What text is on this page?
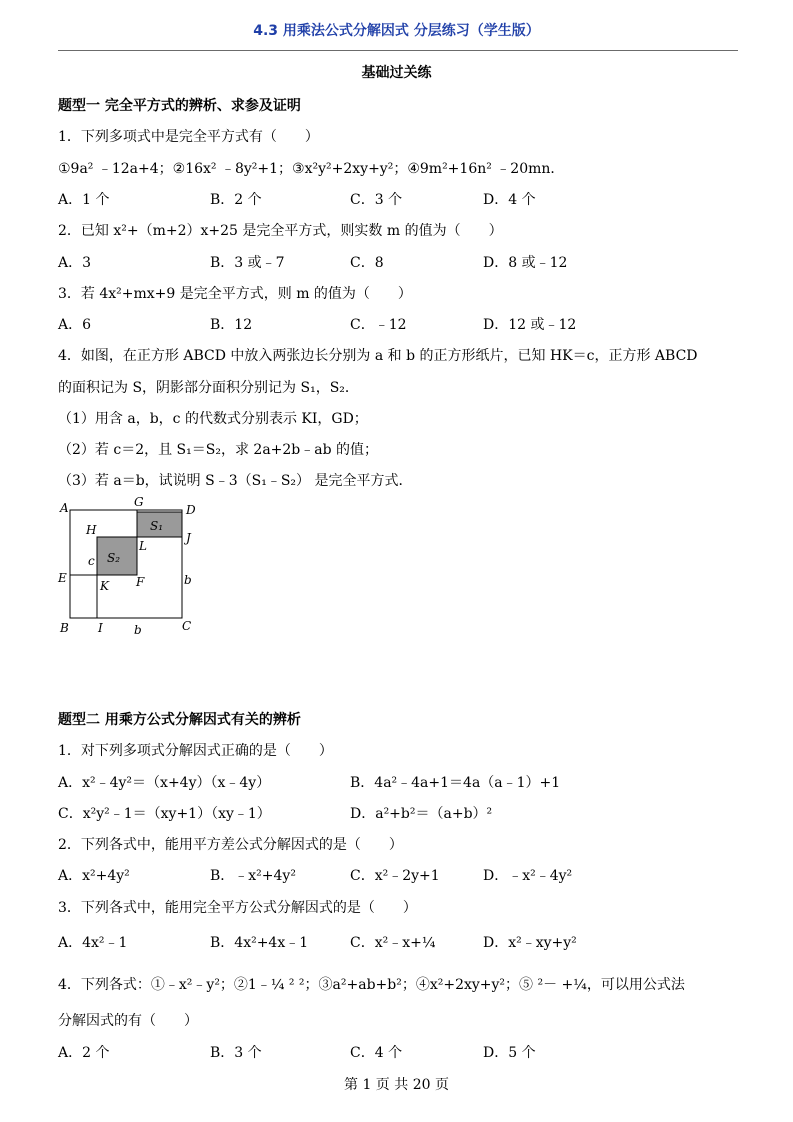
4.3 用乘法公式分解因式 分层练习（学生版）
基础过关练
题型一 完全平方式的辨析、求参及证明
1．下列多项式中是完全平方式有（　　）
①9a² ﹣12a+4；②16x² ﹣8y²+1；③x²y²+2xy+y²；④9m²+16n² ﹣20mn．
A．1 个	B．2 个	C．3 个	D．4 个
2．已知 x²+（m+2）x+25 是完全平方式，则实数 m 的值为（　　）
A．3	B．3 或﹣7	C．8	D．8 或﹣12
3．若 4x²+mx+9 是完全平方式，则 m 的值为（　　）
A．6	B．12	C．﹣12	D．12 或﹣12
4．如图，在正方形 ABCD 中放入两张边长分别为 a 和 b 的正方形纸片，已知 HK＝c，正方形 ABCD
的面积记为 S，阴影部分面积分别记为 S₁，S₂．
（1）用含 a，b，c 的代数式分别表示 KI，GD；
（2）若 c＝2，且 S₁＝S₂，求 2a+2b﹣ab 的值；
（3）若 a＝b，试说明 S﹣3（S₁﹣S₂） 是完全平方式．
A	G
D
H
J
L
S₁
S₂
c
E	F
K	b
B I	b	C
题型二 用乘方公式分解因式有关的辨析
1．对下列多项式分解因式正确的是（　　）
A．x²﹣4y²＝（x+4y）（x﹣4y）	B．4a²﹣4a+1＝4a（a﹣1）+1
C．x²y²﹣1＝（xy+1）（xy﹣1）	D．a²+b²＝（a+b）²
2．下列各式中，能用平方差公式分解因式的是（　　）
A．x²+4y²	B．﹣x²+4y²	C．x²﹣2y+1	D．﹣x²﹣4y²
3．下列各式中，能用完全平方公式分解因式的是（　　）
A．4x²﹣1	B．4x²+4x﹣1	C．x²﹣x+¼	D．x²﹣xy+y²
4．下列各式：①﹣x²﹣y²；②1﹣¼ ² ²；③a²+ab+b²；④x²+2xy+y²；⑤ ²－ +¼，可以用公式法
分解因式的有（　　）
A．2 个	B．3 个	C．4 个	D．5 个
第 1 页 共 20 页
